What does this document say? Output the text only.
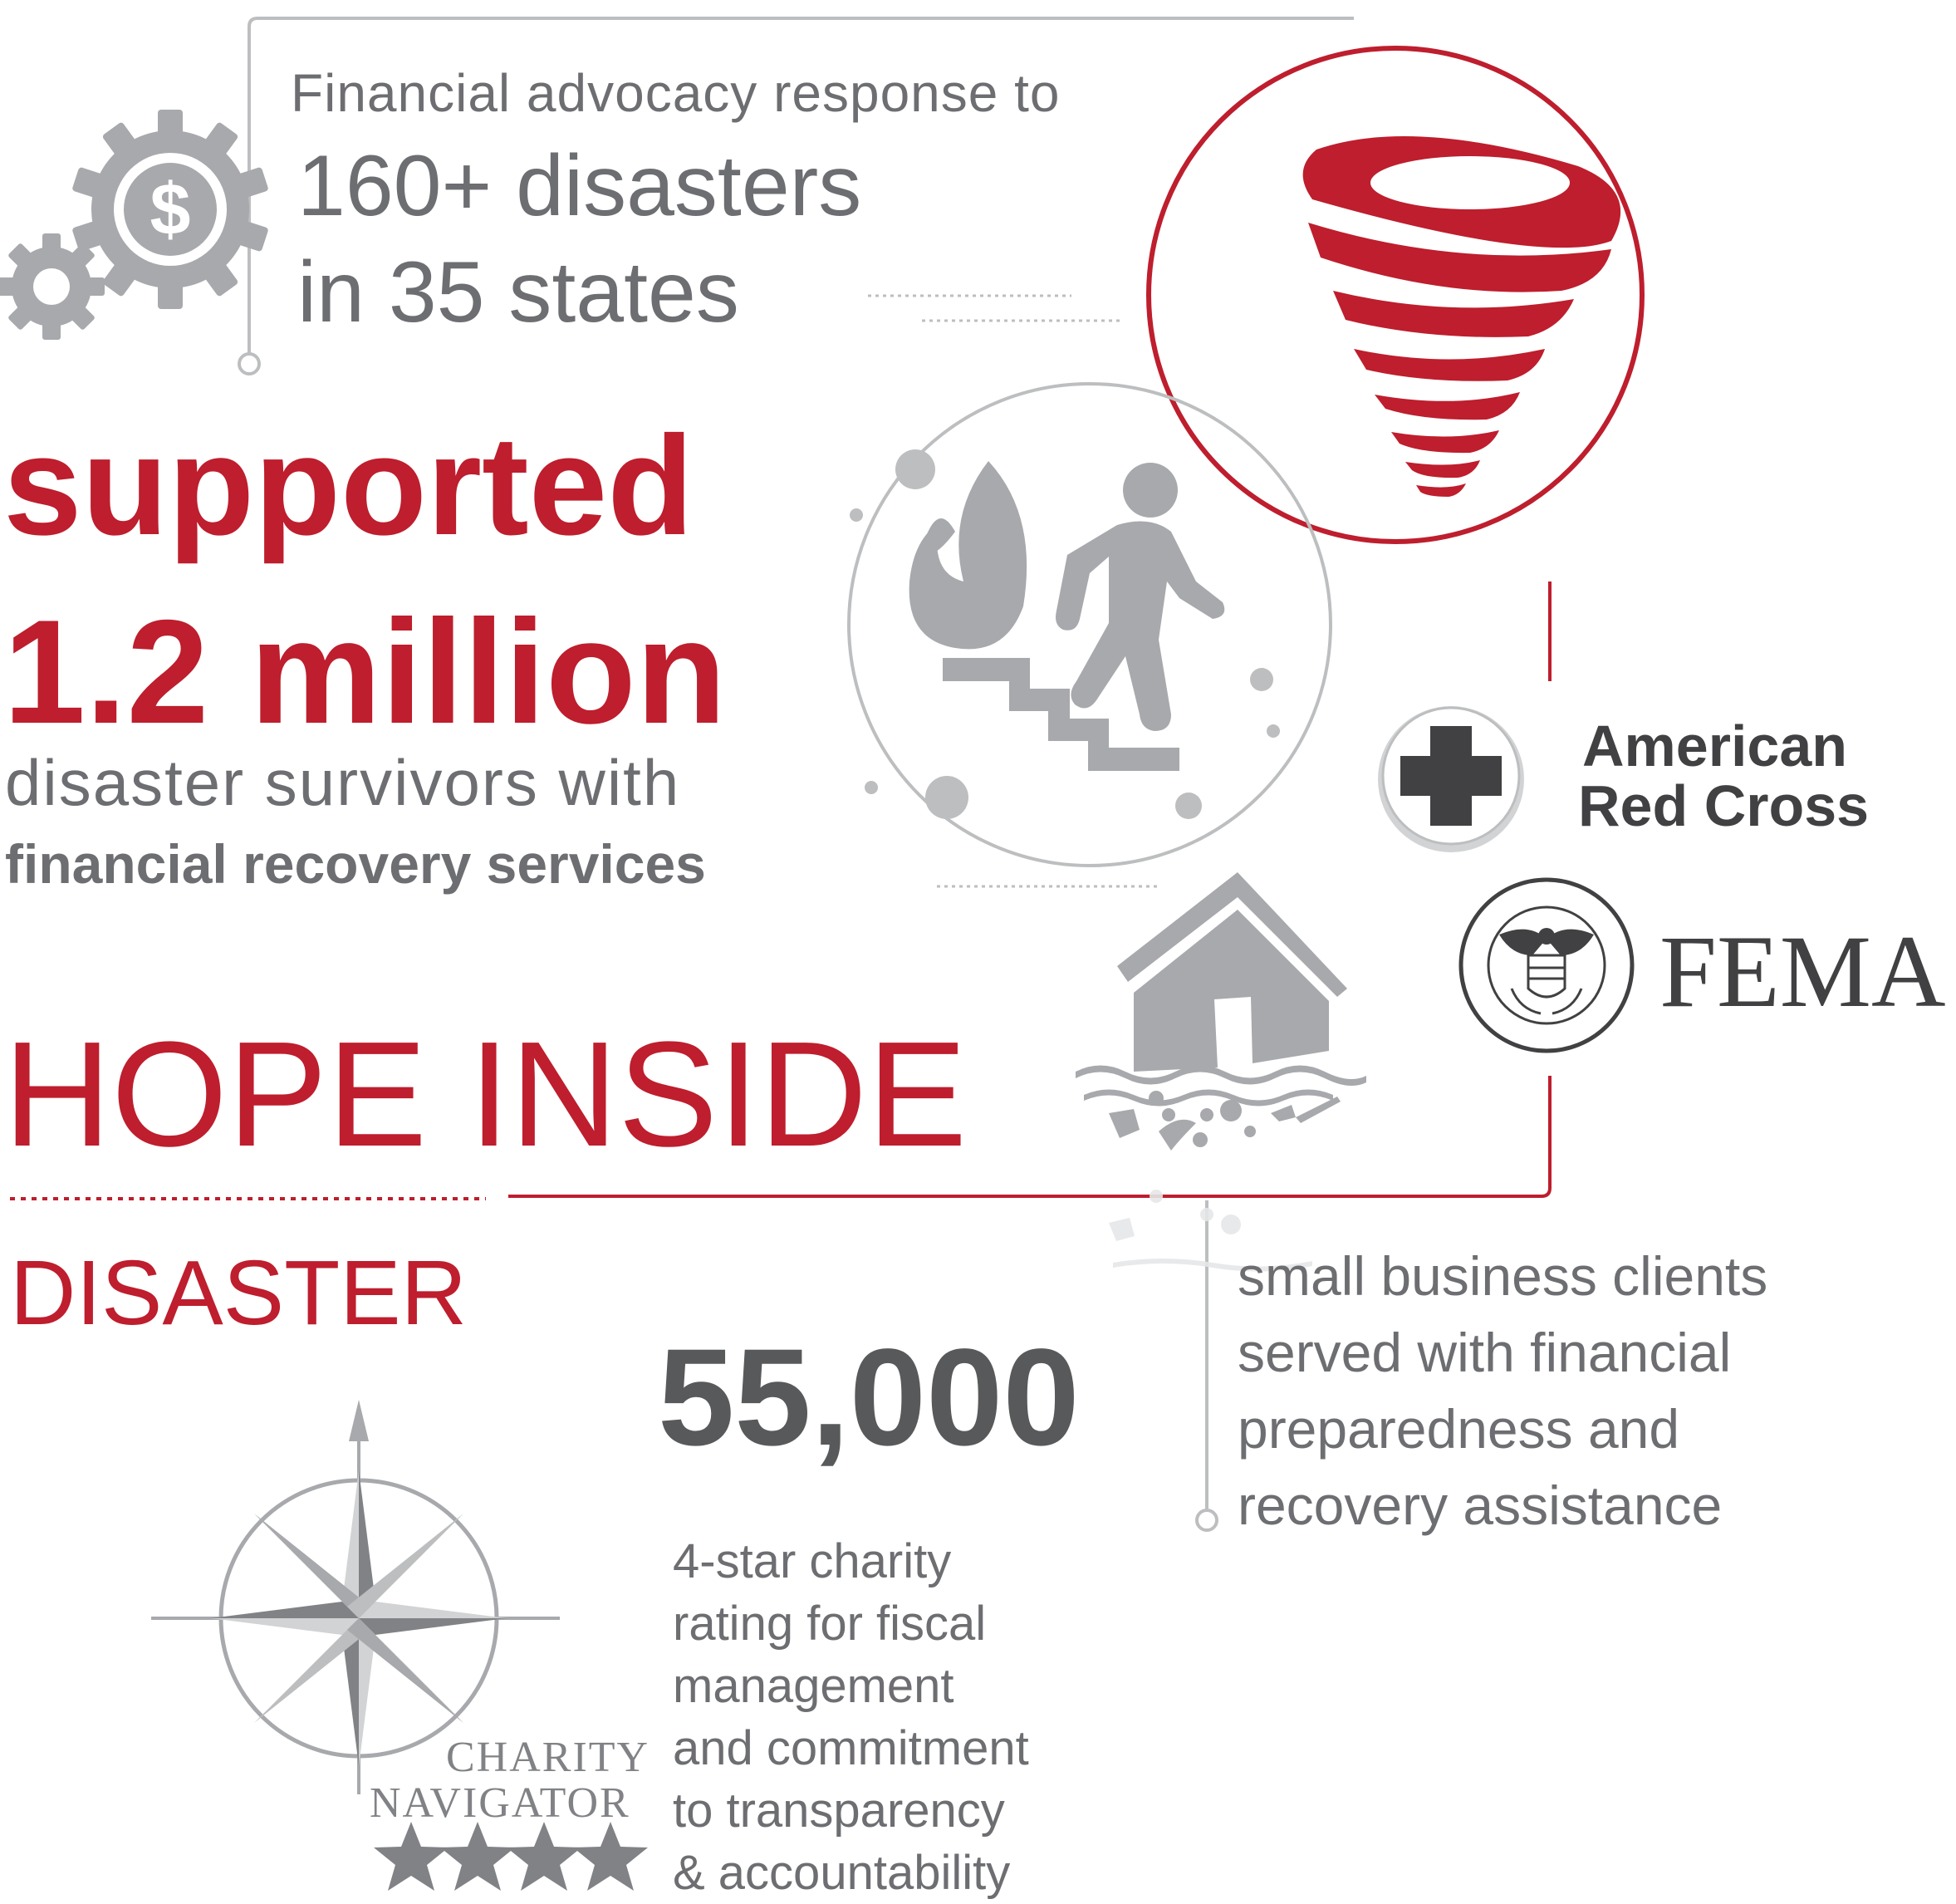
$
Financial advocacy response to
160+ disasters
in 35 states
supported
1.2 million
disaster survivors with
financial recovery services
HOPE INSIDE
DISASTER
55,000
small business clients
served with financial
preparedness and
recovery assistance
4-star charity
rating for fiscal
management
and commitment
to transparency
& accountability
CHARITY
NAVIGATOR
American
Red Cross
FEMA
